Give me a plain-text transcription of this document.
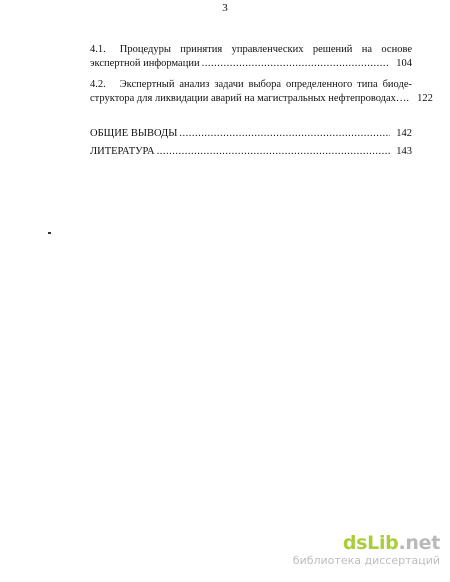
3
4.1. Процедуры принятия управленческих решений на основе
экспертной информации .....	104
4.2. Экспертный анализ задачи выбора определенного типа биоде-
структора для ликвидации аварий на магистральных нефтепроводах…. 122
ОБЩИЕ ВЫВОДЫ .....	142
ЛИТЕРАТУРА .....	143
dsLib.net
библиотека диссертаций
